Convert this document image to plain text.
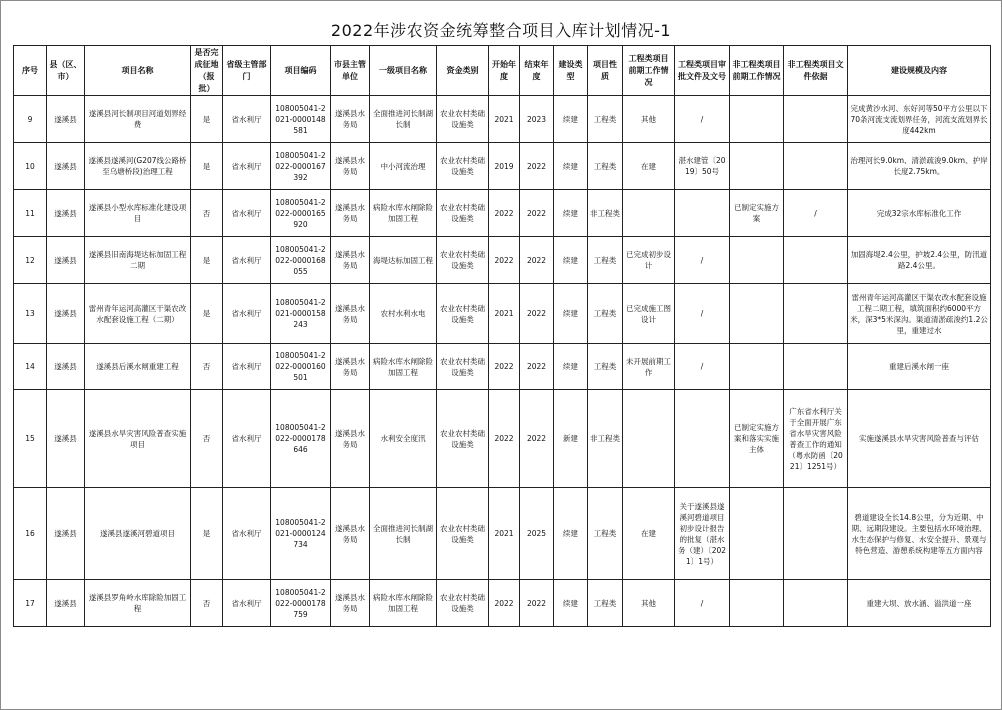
2022年涉农资金统筹整合项目入库计划情况-1
序号	县（区、市）	项目名称	是否完成征地（报批）	省级主管部门	项目编码	市县主管单位	一级项目名称	资金类别	开始年度	结束年度	建设类型	项目性质	工程类项目前期工作情况	工程类项目审批文件及文号	非工程类项目前期工作情况	非工程类项目文件依据	建设规模及内容

9	遂溪县	遂溪县河长制项目河道划界经费	是	省水利厅	108005041-2021-0000148581	遂溪县水务局	全面推进河长制湖长制	农业农村类础设施类	2021	2023	续建	工程类	其他	/			完成黄沙水河、东好河等50平方公里以下70条河流支流划界任务，河流支流划界长度442km

10	遂溪县	遂溪县遂溪河(G207线公路桥至乌塘桥段)治理工程	是	省水利厅	108005041-2022-0000167392	遂溪县水务局	中小河流治理	农业农村类础设施类	2019	2022	续建	工程类	在建	湛水建管〔2019〕50号			治理河长9.0km、清淤疏浚9.0km、护岸长度2.75km。

11	遂溪县	遂溪县小型水库标准化建设项目	否	省水利厅	108005041-2022-0000165920	遂溪县水务局	病险水库水闸除险加固工程	农业农村类础设施类	2022	2022	续建	非工程类			已制定实施方案	/	完成32宗水库标准化工作

12	遂溪县	遂溪县旧南海堤达标加固工程二期	是	省水利厅	108005041-2022-0000168055	遂溪县水务局	海堤达标加固工程	农业农村类础设施类	2022	2022	续建	工程类	已完成初步设计	/			加固海堤2.4公里，护坡2.4公里，防汛道路2.4公里。

13	遂溪县	雷州青年运河高灌区干渠农改水配套设施工程（二期）	是	省水利厅	108005041-2021-0000158243	遂溪县水务局	农村水利水电	农业农村类础设施类	2021	2022	续建	工程类	已完成施工图设计	/			雷州青年运河高灌区干渠农改水配套设施工程二期工程，填筑面积约6000平方米，深3*5米深沟。渠道清淤疏浚约1.2公里，重建过水

14	遂溪县	遂溪县后溪水闸重建工程	否	省水利厅	108005041-2022-0000160501	遂溪县水务局	病险水库水闸除险加固工程	农业农村类础设施类	2022	2022	续建	工程类	未开展前期工作	/			重建后溪水闸一座

15	遂溪县	遂溪县水旱灾害风险普查实施项目	否	省水利厅	108005041-2022-0000178646	遂溪县水务局	水利安全度汛	农业农村类础设施类	2022	2022	新建	非工程类			已制定实施方案和落实实施主体	广东省水利厅关于全面开展广东省水旱灾害风险普查工作的通知（粤水防函〔2021〕1251号）	实施遂溪县水旱灾害风险普查与评估

16	遂溪县	遂溪县遂溪河碧道项目	是	省水利厅	108005041-2021-0000124734	遂溪县水务局	全面推进河长制湖长制	农业农村类础设施类	2021	2025	续建	工程类	在建	关于遂溪县遂溪河碧道项目初步设计报告的批复（湛水务（建）〔2021〕1号）			碧道建设全长14.8公里，分为近期、中期、远期段建设。主要包括水环境治理、水生态保护与修复、水安全提升、景观与特色营造、游憩系统构建等五方面内容

17	遂溪县	遂溪县罗角岭水库除险加固工程	否	省水利厅	108005041-2022-0000178759	遂溪县水务局	病险水库水闸除险加固工程	农业农村类础设施类	2022	2022	续建	工程类	其他	/			重建大坝、放水涵、溢洪道一座
